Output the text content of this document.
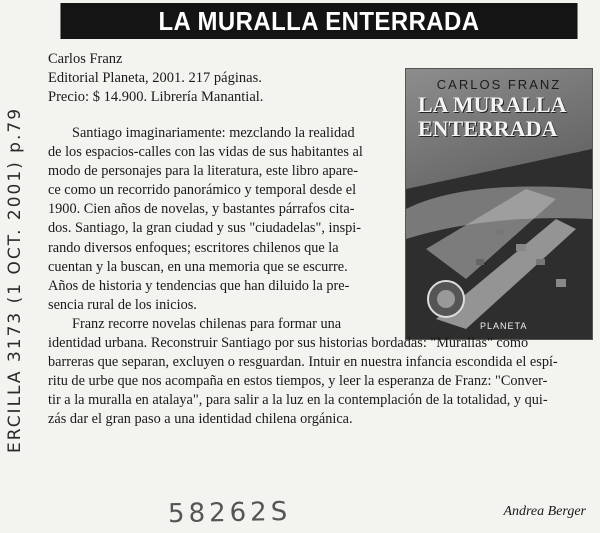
LA MURALLA ENTERRADA
ERCILLA 3173 (1 OCT. 2001) p.79
Carlos Franz
Editorial Planeta, 2001. 217 páginas.
Precio: $ 14.900. Librería Manantial.
CARLOS FRANZ
LA MURALLA ENTERRADA
PLANETA
Santiago imaginariamente: mezclando la realidad
de los espacios-calles con las vidas de sus habitantes al
modo de personajes para la literatura, este libro apare-
ce como un recorrido panorámico y temporal desde el
1900. Cien años de novelas, y bastantes párrafos cita-
dos. Santiago, la gran ciudad y sus "ciudadelas", inspi-
rando diversos enfoques; escritores chilenos que la
cuentan y la buscan, en una memoria que se escurre.
Años de historia y tendencias que han diluido la pre-
sencia rural de los inicios.
Franz recorre novelas chilenas para formar una
identidad urbana. Reconstruir Santiago por sus historias bordadas: "Murallas" como
barreras que separan, excluyen o resguardan. Intuir en nuestra infancia escondida el espí-
ritu de urbe que nos acompaña en estos tiempos, y leer la esperanza de Franz: "Conver-
tir a la muralla en atalaya", para salir a la luz en la contemplación de la totalidad, y qui-
zás dar el gran paso a una identidad chilena orgánica.
58262S	Andrea Berger
